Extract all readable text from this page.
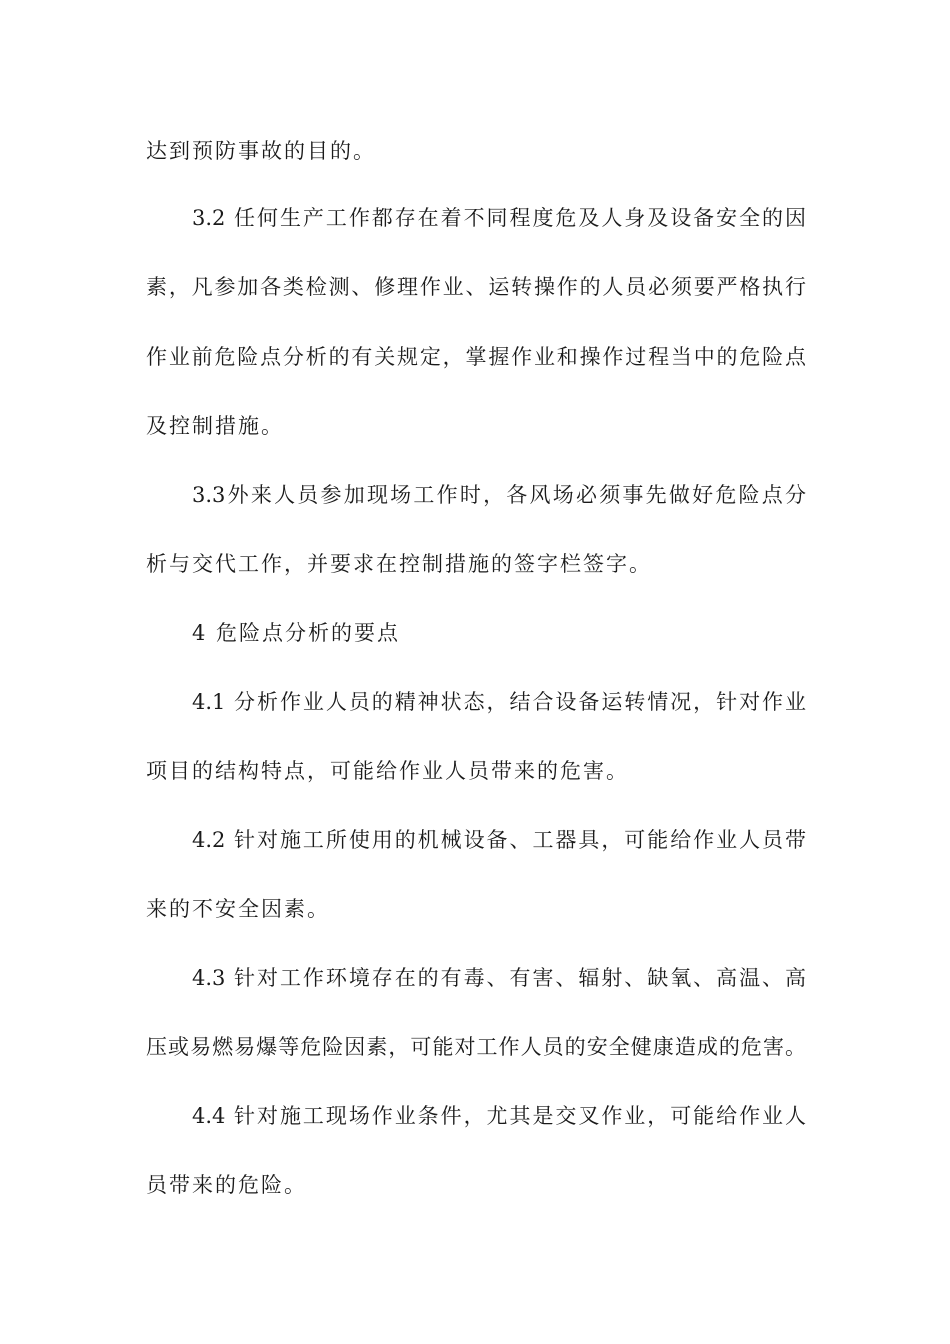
达到预防事故的目的。
3.2 任何生产工作都存在着不同程度危及人身及设备安全的因
素，凡参加各类检测、修理作业、运转操作的人员必须要严格执行
作业前危险点分析的有关规定，掌握作业和操作过程当中的危险点
及控制措施。
3.3外来人员参加现场工作时，各风场必须事先做好危险点分
析与交代工作，并要求在控制措施的签字栏签字。
4 危险点分析的要点
4.1 分析作业人员的精神状态，结合设备运转情况，针对作业
项目的结构特点，可能给作业人员带来的危害。
4.2 针对施工所使用的机械设备、工器具，可能给作业人员带
来的不安全因素。
4.3 针对工作环境存在的有毒、有害、辐射、缺氧、高温、高
压或易燃易爆等危险因素，可能对工作人员的安全健康造成的危害。
4.4 针对施工现场作业条件，尤其是交叉作业，可能给作业人
员带来的危险。
